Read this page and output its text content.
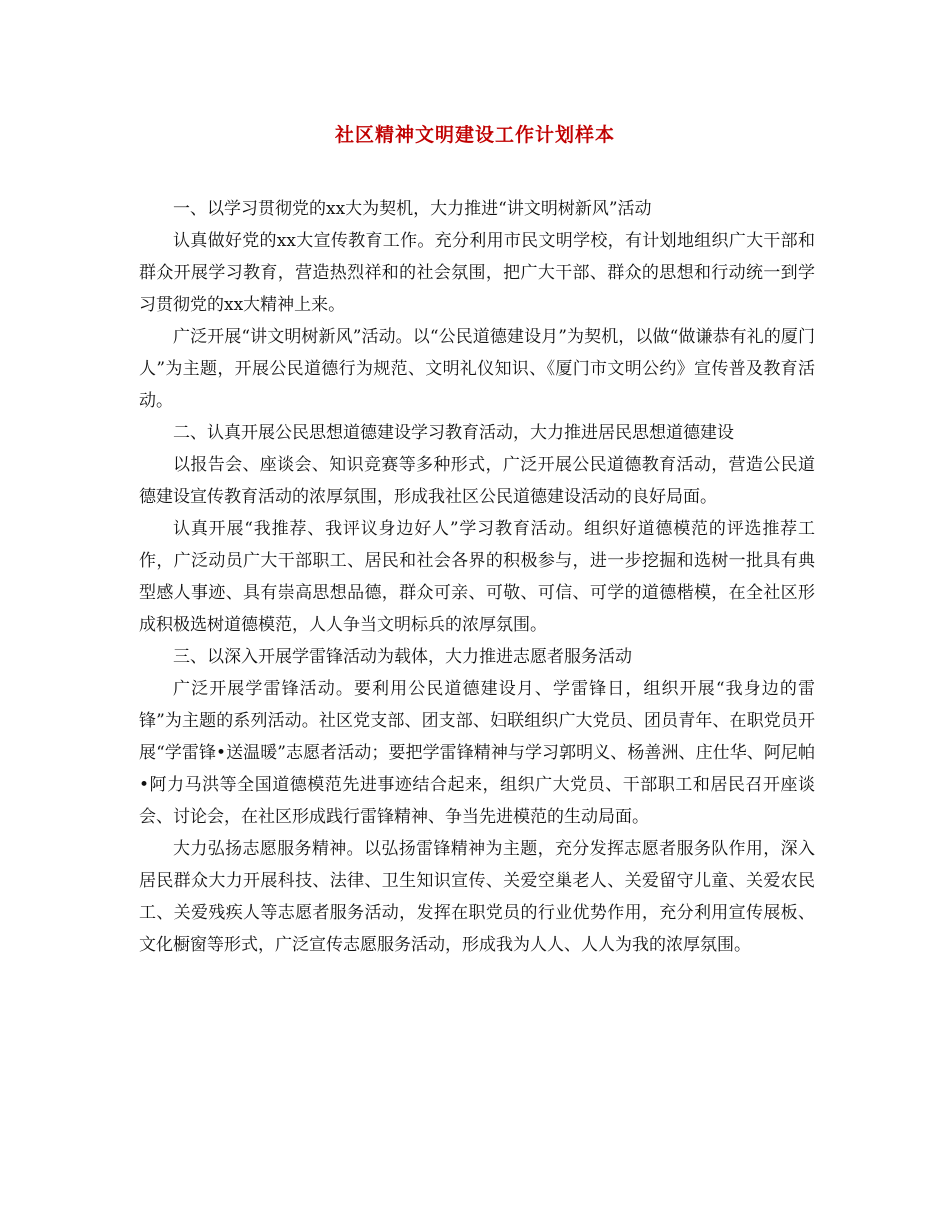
社区精神文明建设工作计划样本

一、以学习贯彻党的xx大为契机，大力推进“讲文明树新风”活动

认真做好党的xx大宣传教育工作。充分利用市民文明学校，有计划地组织广大干部和群众开展学习教育，营造热烈祥和的社会氛围，把广大干部、群众的思想和行动统一到学习贯彻党的xx大精神上来。

广泛开展“讲文明树新风”活动。以“公民道德建设月”为契机，以做“做谦恭有礼的厦门人”为主题，开展公民道德行为规范、文明礼仪知识、《厦门市文明公约》宣传普及教育活动。

二、认真开展公民思想道德建设学习教育活动，大力推进居民思想道德建设

以报告会、座谈会、知识竞赛等多种形式，广泛开展公民道德教育活动，营造公民道德建设宣传教育活动的浓厚氛围，形成我社区公民道德建设活动的良好局面。

认真开展“我推荐、我评议身边好人”学习教育活动。组织好道德模范的评选推荐工作，广泛动员广大干部职工、居民和社会各界的积极参与，进一步挖掘和选树一批具有典型感人事迹、具有崇高思想品德，群众可亲、可敬、可信、可学的道德楷模，在全社区形成积极选树道德模范，人人争当文明标兵的浓厚氛围。

三、以深入开展学雷锋活动为载体，大力推进志愿者服务活动

广泛开展学雷锋活动。要利用公民道德建设月、学雷锋日，组织开展“我身边的雷锋”为主题的系列活动。社区党支部、团支部、妇联组织广大党员、团员青年、在职党员开展“学雷锋•送温暖”志愿者活动；要把学雷锋精神与学习郭明义、杨善洲、庄仕华、阿尼帕•阿力马洪等全国道德模范先进事迹结合起来，组织广大党员、干部职工和居民召开座谈会、讨论会，在社区形成践行雷锋精神、争当先进模范的生动局面。

大力弘扬志愿服务精神。以弘扬雷锋精神为主题，充分发挥志愿者服务队作用，深入居民群众大力开展科技、法律、卫生知识宣传、关爱空巢老人、关爱留守儿童、关爱农民工、关爱残疾人等志愿者服务活动，发挥在职党员的行业优势作用，充分利用宣传展板、文化橱窗等形式，广泛宣传志愿服务活动，形成我为人人、人人为我的浓厚氛围。
